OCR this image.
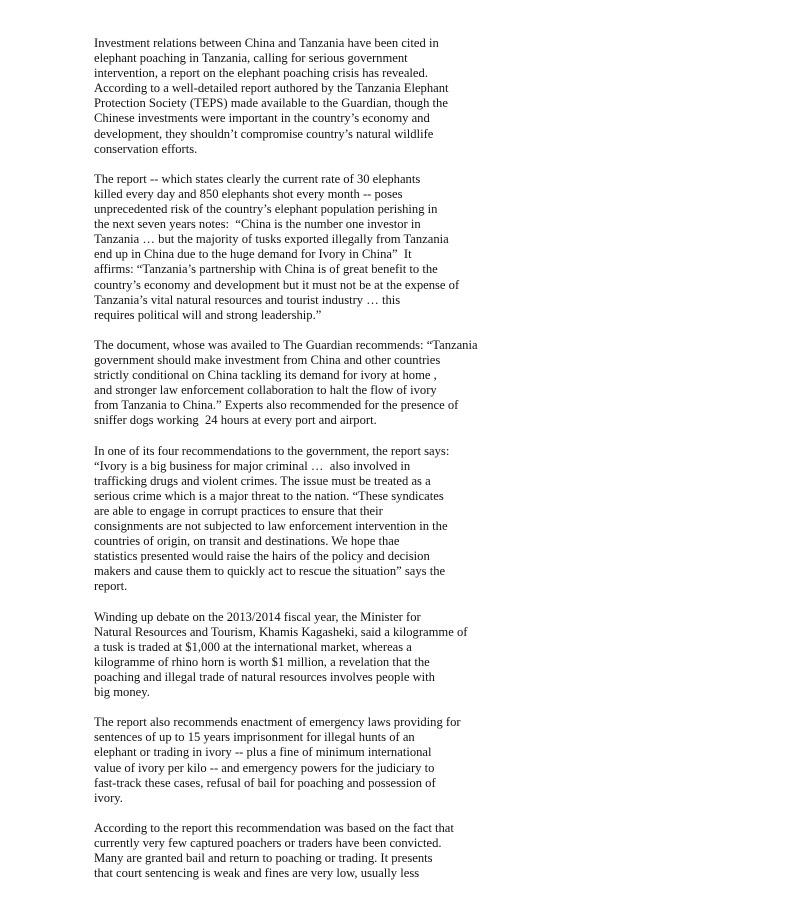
Investment relations between China and Tanzania have been cited in
elephant poaching in Tanzania, calling for serious government
intervention, a report on the elephant poaching crisis has revealed.
According to a well-detailed report authored by the Tanzania Elephant
Protection Society (TEPS) made available to the Guardian, though the
Chinese investments were important in the country’s economy and
development, they shouldn’t compromise country’s natural wildlife
conservation efforts.

The report -- which states clearly the current rate of 30 elephants
killed every day and 850 elephants shot every month -- poses
unprecedented risk of the country’s elephant population perishing in
the next seven years notes:  “China is the number one investor in
Tanzania … but the majority of tusks exported illegally from Tanzania
end up in China due to the huge demand for Ivory in China”  It
affirms: “Tanzania’s partnership with China is of great benefit to the
country’s economy and development but it must not be at the expense of
Tanzania’s vital natural resources and tourist industry … this
requires political will and strong leadership.”

The document, whose was availed to The Guardian recommends: “Tanzania
government should make investment from China and other countries
strictly conditional on China tackling its demand for ivory at home ,
and stronger law enforcement collaboration to halt the flow of ivory
from Tanzania to China.” Experts also recommended for the presence of
sniffer dogs working  24 hours at every port and airport.

In one of its four recommendations to the government, the report says:
“Ivory is a big business for major criminal …  also involved in
trafficking drugs and violent crimes. The issue must be treated as a
serious crime which is a major threat to the nation. “These syndicates
are able to engage in corrupt practices to ensure that their
consignments are not subjected to law enforcement intervention in the
countries of origin, on transit and destinations. We hope thae
statistics presented would raise the hairs of the policy and decision
makers and cause them to quickly act to rescue the situation” says the
report.

Winding up debate on the 2013/2014 fiscal year, the Minister for
Natural Resources and Tourism, Khamis Kagasheki, said a kilogramme of
a tusk is traded at $1,000 at the international market, whereas a
kilogramme of rhino horn is worth $1 million, a revelation that the
poaching and illegal trade of natural resources involves people with
big money.

The report also recommends enactment of emergency laws providing for
sentences of up to 15 years imprisonment for illegal hunts of an
elephant or trading in ivory -- plus a fine of minimum international
value of ivory per kilo -- and emergency powers for the judiciary to
fast-track these cases, refusal of bail for poaching and possession of
ivory.

According to the report this recommendation was based on the fact that
currently very few captured poachers or traders have been convicted.
Many are granted bail and return to poaching or trading. It presents
that court sentencing is weak and fines are very low, usually less
